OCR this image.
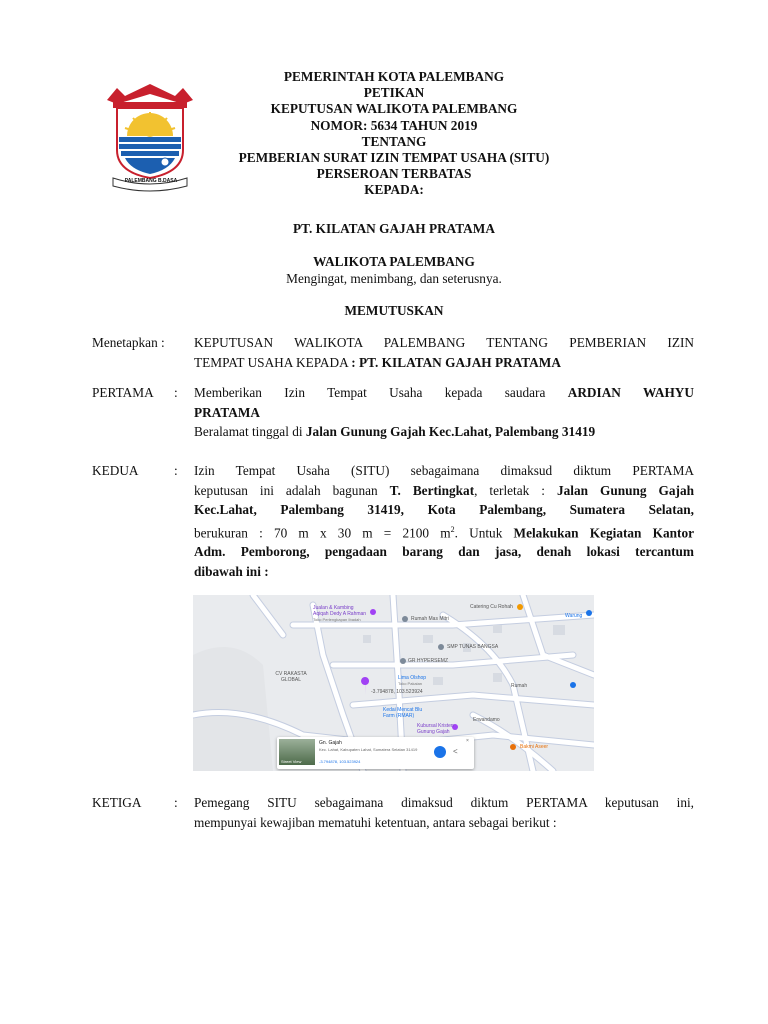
PALEMBANG B.DASA
PEMERINTAH KOTA PALEMBANG
PETIKAN
KEPUTUSAN WALIKOTA PALEMBANG
NOMOR: 5634 TAHUN 2019
TENTANG
PEMBERIAN SURAT IZIN TEMPAT USAHA (SITU)
PERSEROAN TERBATAS
KEPADA:
PT. KILATAN GAJAH PRATAMA
WALIKOTA PALEMBANG
Mengingat, menimbang, dan seterusnya.
MEMUTUSKAN
Menetapkan :	KEPUTUSAN WALIKOTA PALEMBANG TENTANG PEMBERIAN IZIN
TEMPAT USAHA KEPADA : PT. KILATAN GAJAH PRATAMA
PERTAMA	: Memberikan Izin Tempat Usaha kepada saudara ARDIAN WAHYU
PRATAMA
Beralamat tinggal di Jalan Gunung Gajah Kec.Lahat, Palembang 31419
KEDUA	: Izin Tempat Usaha (SITU) sebagaimana dimaksud diktum PERTAMA
keputusan ini adalah bagunan T. Bertingkat, terletak : Jalan Gunung Gajah
Kec.Lahat, Palembang 31419, Kota Palembang, Sumatera Selatan,
berukuran : 70 m x 30 m = 2100 $m^2$. Untuk Melakukan Kegiatan Kantor
Adm. Pemborong, pengadaan barang dan jasa, denah lokasi tercantum
dibawah ini :
Jualan & Kambing
Aqiqah Dedy A Rahman
Toko Perlengkapan Ibadah	Rumah Mas Mitri
Catering Cu Rohah
Warung
SMP TUNAS BANGSA
GR HYPERSEMZ
CV RAKASTA GLOBAL	Lima Olshop
Toko Pakaian
-3.794878, 103.523924
Rumah
Kedai Mencat Blu Farm (RMAR)
Erwandamo
Kubursal Kristen Gunung Gajah
Bakmi Aseer
Street View
Gn. Gajah
Kec. Lahat, Kabupaten Lahat, Sumatera Selatan 31419
-3.794878, 103.523924
<
×
KETIGA	: Pemegang SITU sebagaimana dimaksud diktum PERTAMA keputusan ini,
mempunyai kewajiban mematuhi ketentuan, antara sebagai berikut :
